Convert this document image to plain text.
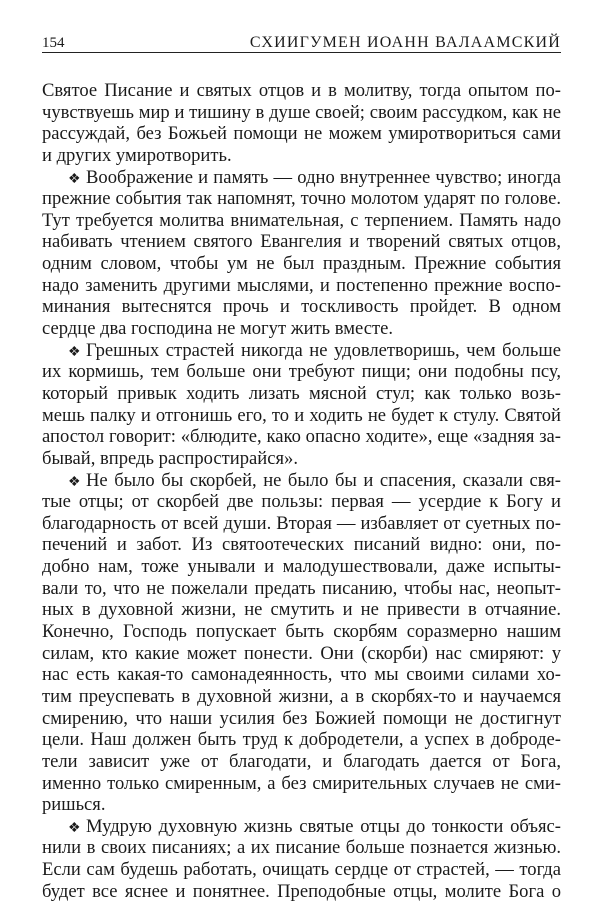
154	СХИИГУМЕН ИОАНН ВАЛААМСКИЙ
Святое Писание и святых отцов и в молитву, тогда опытом по-
чувствуешь мир и тишину в душе своей; своим рассудком, как не
рассуждай, без Божьей помощи не можем умиротвориться сами
и других умиротворить.
❖ Воображение и память — одно внутреннее чувство; иногда
прежние события так напомнят, точно молотом ударят по голове.
Тут требуется молитва внимательная, с терпением. Память надо
набивать чтением святого Евангелия и творений святых отцов,
одним словом, чтобы ум не был праздным. Прежние события
надо заменить другими мыслями, и постепенно прежние воспо-
минания вытеснятся прочь и тоскливость пройдет. В одном
сердце два господина не могут жить вместе.
❖ Грешных страстей никогда не удовлетворишь, чем больше
их кормишь, тем больше они требуют пищи; они подобны псу,
который привык ходить лизать мясной стул; как только возь-
мешь палку и отгонишь его, то и ходить не будет к стулу. Святой
апостол говорит: «блюдите, како опасно ходите», еще «задняя за-
бывай, впредь распростирайся».
❖ Не было бы скорбей, не было бы и спасения, сказали свя-
тые отцы; от скорбей две пользы: первая — усердие к Богу и
благодарность от всей души. Вторая — избавляет от суетных по-
печений и забот. Из святоотеческих писаний видно: они, по-
добно нам, тоже унывали и малодушествовали, даже испыты-
вали то, что не пожелали предать писанию, чтобы нас, неопыт-
ных в духовной жизни, не смутить и не привести в отчаяние.
Конечно, Господь попускает быть скорбям соразмерно нашим
силам, кто какие может понести. Они (скорби) нас смиряют: у
нас есть какая-то самонадеянность, что мы своими силами хо-
тим преуспевать в духовной жизни, а в скорбях-то и научаемся
смирению, что наши усилия без Божией помощи не достигнут
цели. Наш должен быть труд к добродетели, а успех в доброде-
тели зависит уже от благодати, и благодать дается от Бога,
именно только смиренным, а без смирительных случаев не сми-
ришься.
❖ Мудрую духовную жизнь святые отцы до тонкости объяс-
нили в своих писаниях; а их писание больше познается жизнью.
Если сам будешь работать, очищать сердце от страстей, — тогда
будет все яснее и понятнее. Преподобные отцы, молите Бога о
